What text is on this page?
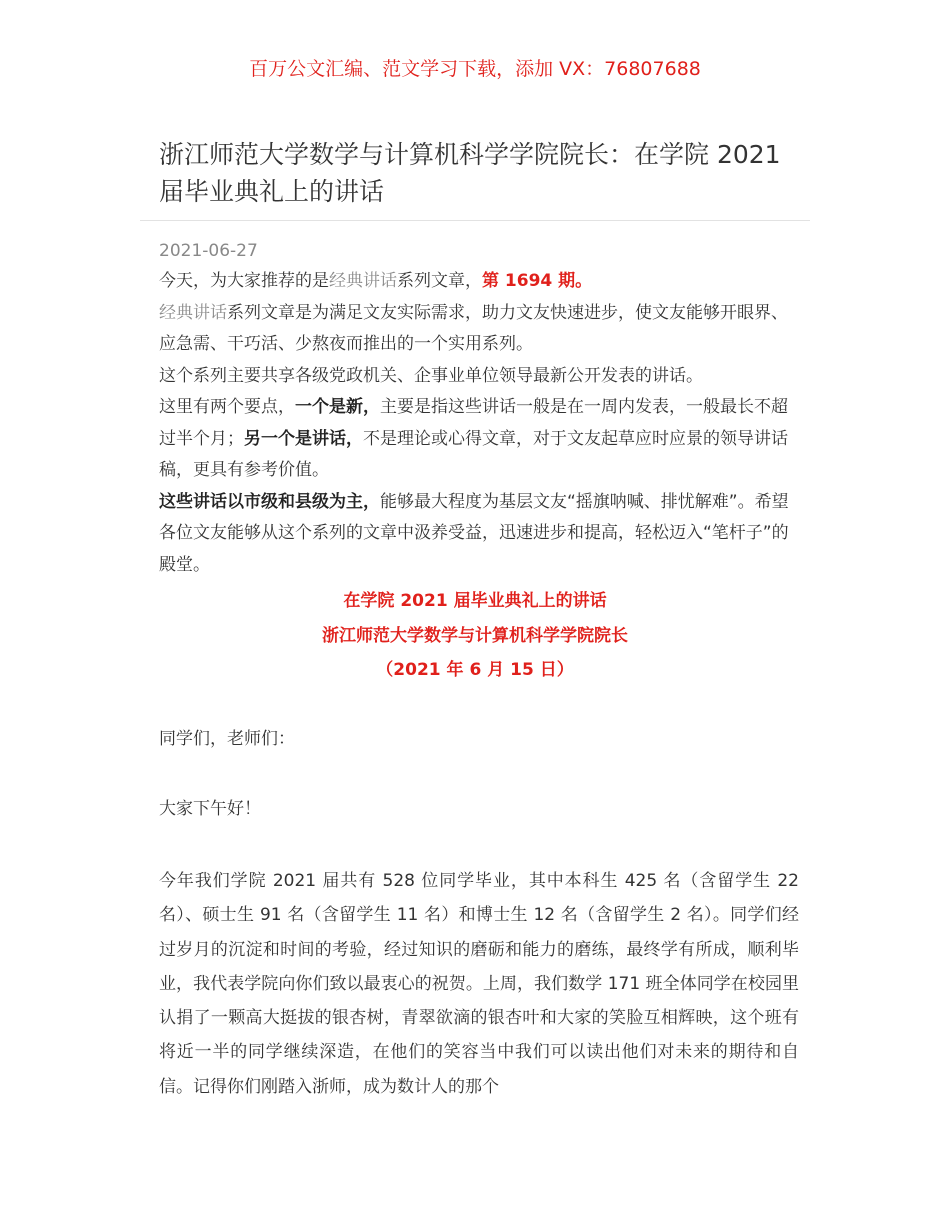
百万公文汇编、范文学习下载，添加 VX：76807688
浙江师范大学数学与计算机科学学院院长：在学院 2021 届毕业典礼上的讲话
2021-06-27

今天，为大家推荐的是经典讲话系列文章，第 1694 期。

经典讲话系列文章是为满足文友实际需求，助力文友快速进步，使文友能够开眼界、应急需、干巧活、少熬夜而推出的一个实用系列。

这个系列主要共享各级党政机关、企事业单位领导最新公开发表的讲话。

这里有两个要点，一个是新，主要是指这些讲话一般是在一周内发表，一般最长不超过半个月；另一个是讲话，不是理论或心得文章，对于文友起草应时应景的领导讲话稿，更具有参考价值。

这些讲话以市级和县级为主，能够最大程度为基层文友“摇旗呐喊、排忧解难”。希望各位文友能够从这个系列的文章中汲养受益，迅速进步和提高，轻松迈入“笔杆子”的殿堂。

在学院 2021 届毕业典礼上的讲话
浙江师范大学数学与计算机科学学院院长
（2021 年 6 月 15 日）

同学们，老师们：

大家下午好！

今年我们学院 2021 届共有 528 位同学毕业，其中本科生 425 名（含留学生 22 名）、硕士生 91 名（含留学生 11 名）和博士生 12 名（含留学生 2 名）。同学们经过岁月的沉淀和时间的考验，经过知识的磨砺和能力的磨练，最终学有所成，顺利毕业，我代表学院向你们致以最衷心的祝贺。上周，我们数学 171 班全体同学在校园里认捐了一颗高大挺拔的银杏树，青翠欲滴的银杏叶和大家的笑脸互相辉映，这个班有将近一半的同学继续深造，在他们的笑容当中我们可以读出他们对未来的期待和自信。记得你们刚踏入浙师，成为数计人的那个
